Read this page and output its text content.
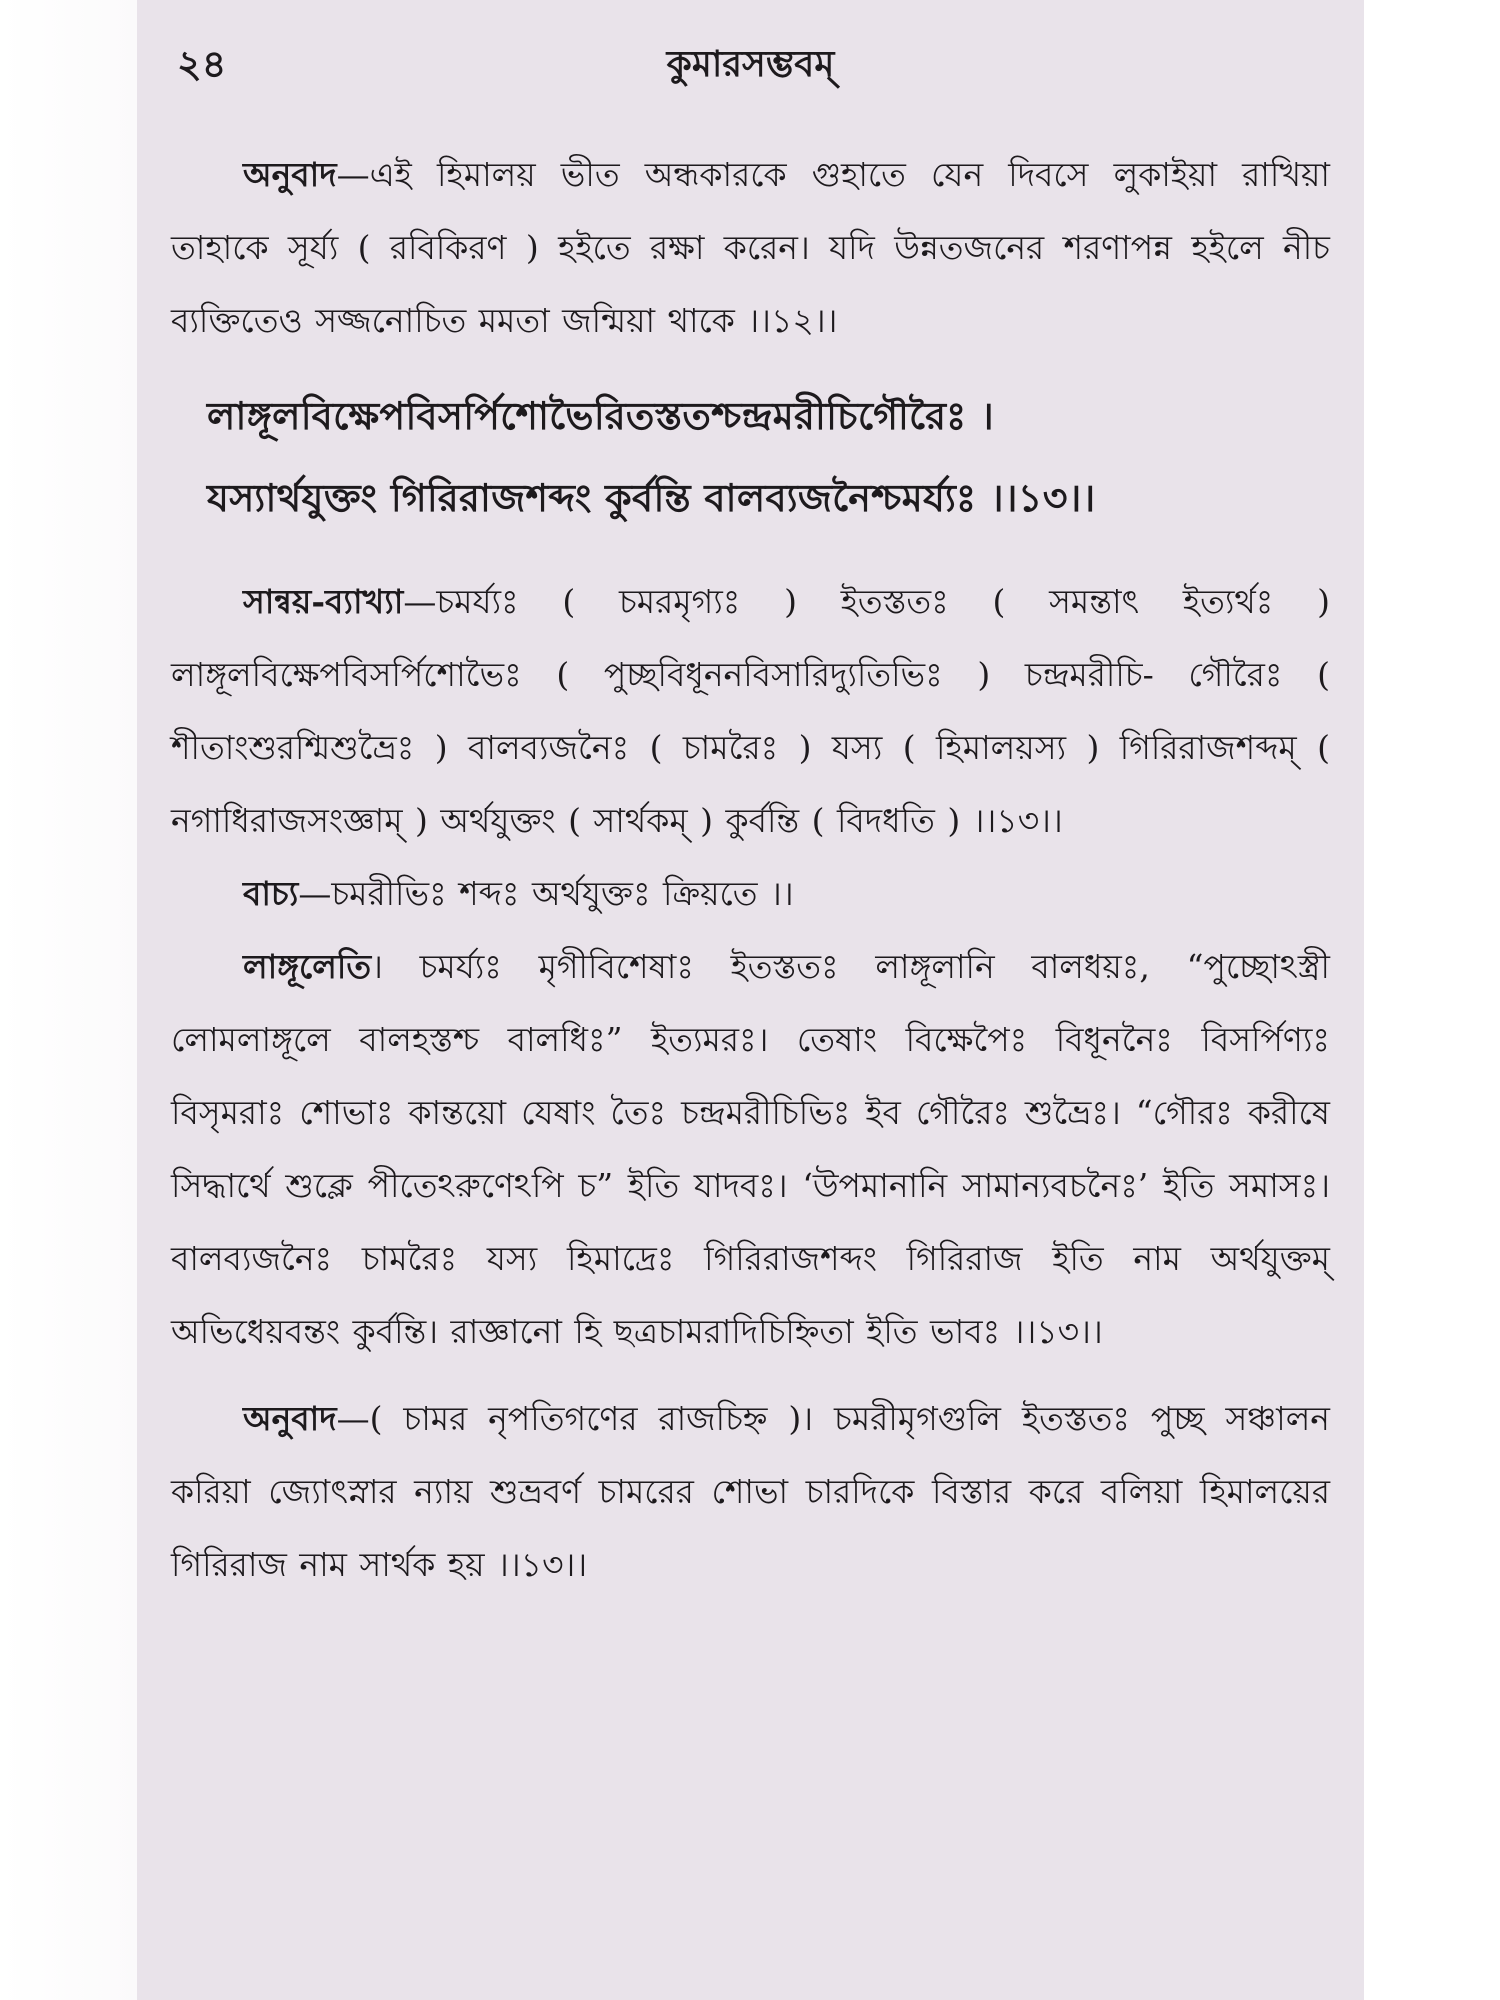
২৪	কুমারসম্ভবম্

অনুবাদ—এই হিমালয় ভীত অন্ধকারকে গুহাতে যেন দিবসে লুকাইয়া রাখিয়া তাহাকে সূর্য্য ( রবিকিরণ ) হইতে রক্ষা করেন। যদি উন্নতজনের শরণাপন্ন হইলে নীচ ব্যক্তিতেও সজ্জনোচিত মমতা জন্মিয়া থাকে ।।১২।।

লাঙ্গূলবিক্ষেপবিসর্পিশোভৈরিতস্ততশ্চন্দ্রমরীচিগৌরৈঃ ।

যস্যার্থযুক্তং গিরিরাজশব্দং কুর্বন্তি বালব্যজনৈশ্চমর্য্যঃ ।।১৩।।

সান্বয়-ব্যাখ্যা—চমর্য্যঃ ( চমরমৃগ্যঃ ) ইতস্ততঃ ( সমন্তাৎ ইত্যর্থঃ ) লাঙ্গূলবিক্ষেপবিসর্পিশোভৈঃ ( পুচ্ছবিধূননবিসারিদ্যুতিভিঃ ) চন্দ্রমরীচি- গৌরৈঃ ( শীতাংশুরশ্মিশুভ্রৈঃ ) বালব্যজনৈঃ ( চামরৈঃ ) যস্য ( হিমালয়স্য ) গিরিরাজশব্দম্ ( নগাধিরাজসংজ্ঞাম্ ) অর্থযুক্তং ( সার্থকম্ ) কুর্বন্তি ( বিদধতি ) ।।১৩।।

বাচ্য—চমরীভিঃ শব্দঃ অর্থযুক্তঃ ক্রিয়তে ।।

লাঙ্গূলেতি। চমর্য্যঃ মৃগীবিশেষাঃ ইতস্ততঃ লাঙ্গূলানি বালধয়ঃ, “পুচ্ছোঽস্ত্রী লোমলাঙ্গূলে বালহস্তশ্চ বালধিঃ” ইত্যমরঃ। তেষাং বিক্ষেপৈঃ বিধূননৈঃ বিসর্পিণ্যঃ বিসৃমরাঃ শোভাঃ কান্তয়ো যেষাং তৈঃ চন্দ্রমরীচিভিঃ ইব গৌরৈঃ শুভ্রৈঃ। “গৌরঃ করীষে সিদ্ধার্থে শুক্লে পীতেঽরুণেঽপি চ” ইতি যাদবঃ। ‘উপমানানি সামান্যবচনৈঃ’ ইতি সমাসঃ। বালব্যজনৈঃ চামরৈঃ যস্য হিমাদ্রেঃ গিরিরাজশব্দং গিরিরাজ ইতি নাম অর্থযুক্তম্ অভিধেয়বন্তং কুর্বন্তি। রাজ্ঞানো হি ছত্রচামরাদিচিহ্নিতা ইতি ভাবঃ ।।১৩।।

অনুবাদ—( চামর নৃপতিগণের রাজচিহ্ন )। চমরীমৃগগুলি ইতস্ততঃ পুচ্ছ সঞ্চালন করিয়া জ্যোৎস্নার ন্যায় শুভ্রবর্ণ চামরের শোভা চারদিকে বিস্তার করে বলিয়া হিমালয়ের গিরিরাজ নাম সার্থক হয় ।।১৩।।
